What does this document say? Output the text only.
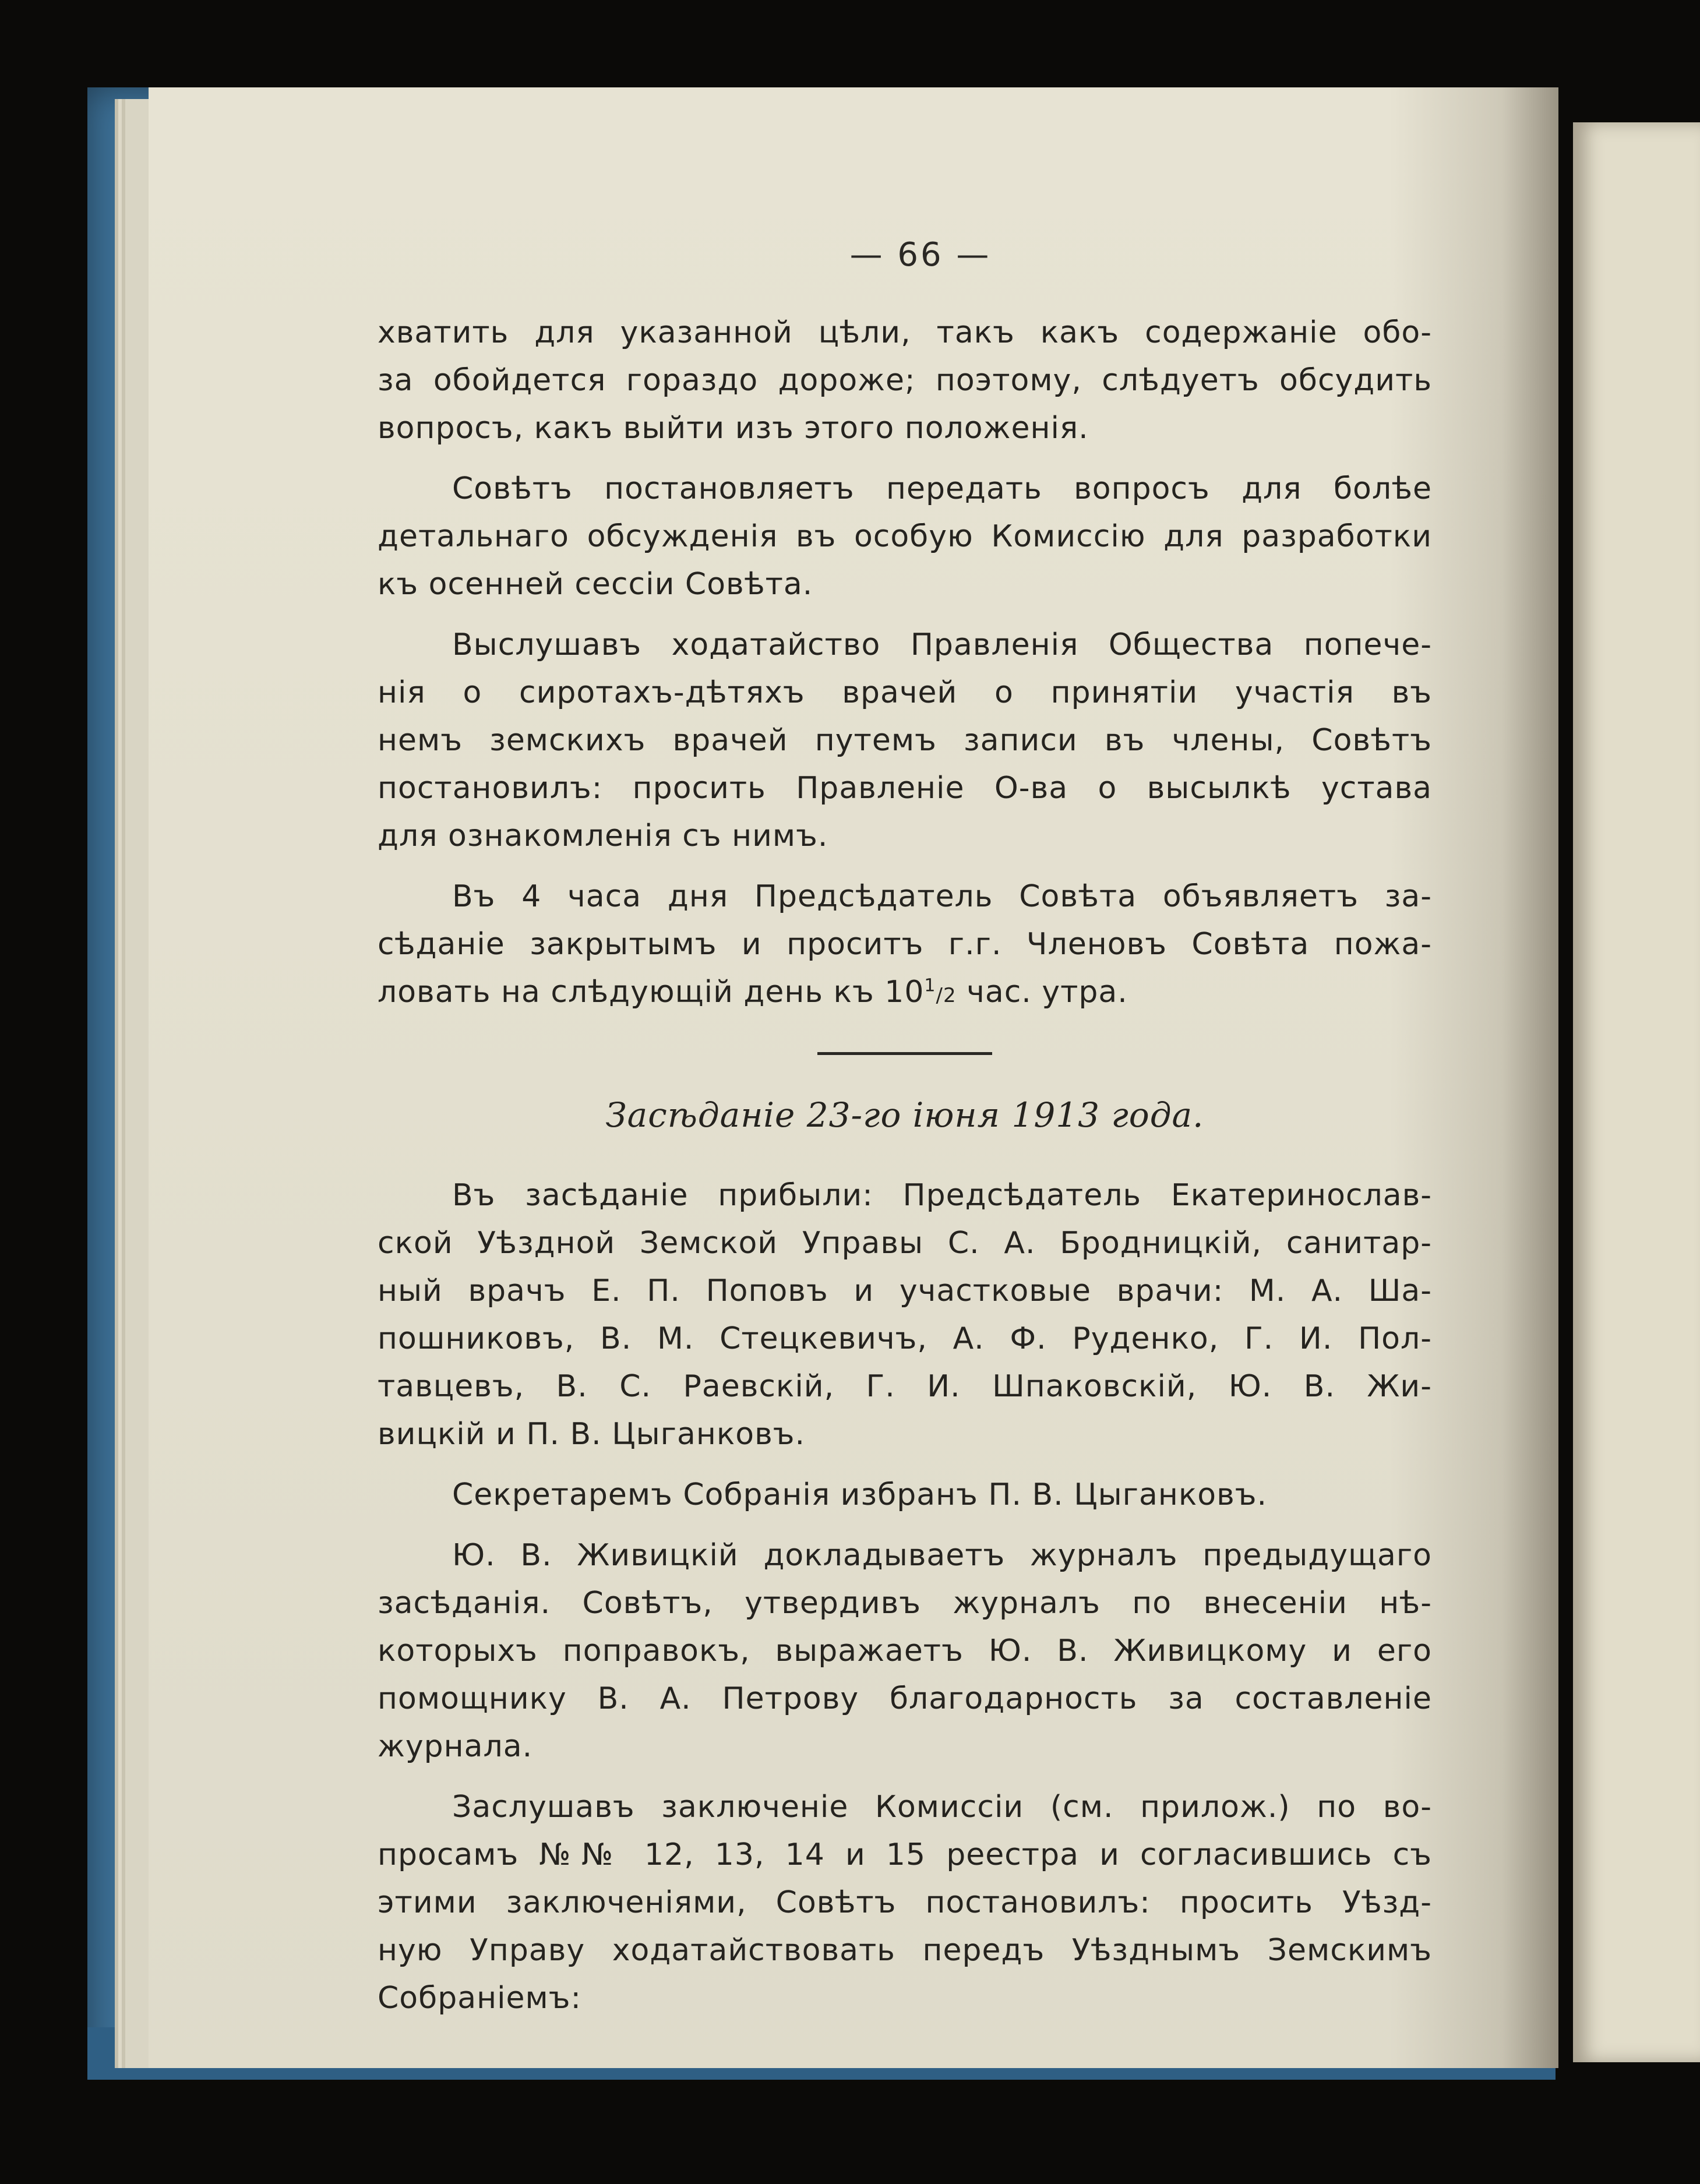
— 66 —
хватить для указанной цѣли, такъ какъ содержаніе обо-
за обойдется гораздо дороже; поэтому, слѣдуетъ обсудить
вопросъ, какъ выйти изъ этого положенія.
Совѣтъ постановляетъ передать вопросъ для болѣе
детальнаго обсужденія въ особую Комиссію для разработки
къ осенней сессіи Совѣта.
Выслушавъ ходатайство Правленія Общества попече-
нія о сиротахъ-дѣтяхъ врачей о принятіи участія въ
немъ земскихъ врачей путемъ записи въ члены, Совѣтъ
постановилъ: просить Правленіе О-ва о высылкѣ устава
для ознакомленія съ нимъ.
Въ 4 часа дня Предсѣдатель Совѣта объявляетъ за-
сѣданіе закрытымъ и проситъ г.г. Членовъ Совѣта пожа-
ловать на слѣдующій день къ $10^1/2$ час. утра.
Засѣданіе 23-го іюня 1913 года.
Въ засѣданіе прибыли: Предсѣдатель Екатеринослав-
ской Уѣздной Земской Управы С. А. Бродницкій, санитар-
ный врачъ Е. П. Поповъ и участковые врачи: М. А. Ша-
пошниковъ, В. М. Стецкевичъ, А. Ф. Руденко, Г. И. Пол-
тавцевъ, В. С. Раевскій, Г. И. Шпаковскій, Ю. В. Жи-
вицкій и П. В. Цыганковъ.
Секретаремъ Собранія избранъ П. В. Цыганковъ.
Ю. В. Живицкій докладываетъ журналъ предыдущаго
засѣданія. Совѣтъ, утвердивъ журналъ по внесеніи нѣ-
которыхъ поправокъ, выражаетъ Ю. В. Живицкому и его
помощнику В. А. Петрову благодарность за составленіе
журнала.
Заслушавъ заключеніе Комиссіи (см. прилож.) по во-
просамъ №№ 12, 13, 14 и 15 реестра и согласившись съ
этими заключеніями, Совѣтъ постановилъ: просить Уѣзд-
ную Управу ходатайствовать передъ Уѣзднымъ Земскимъ
Собраніемъ:
